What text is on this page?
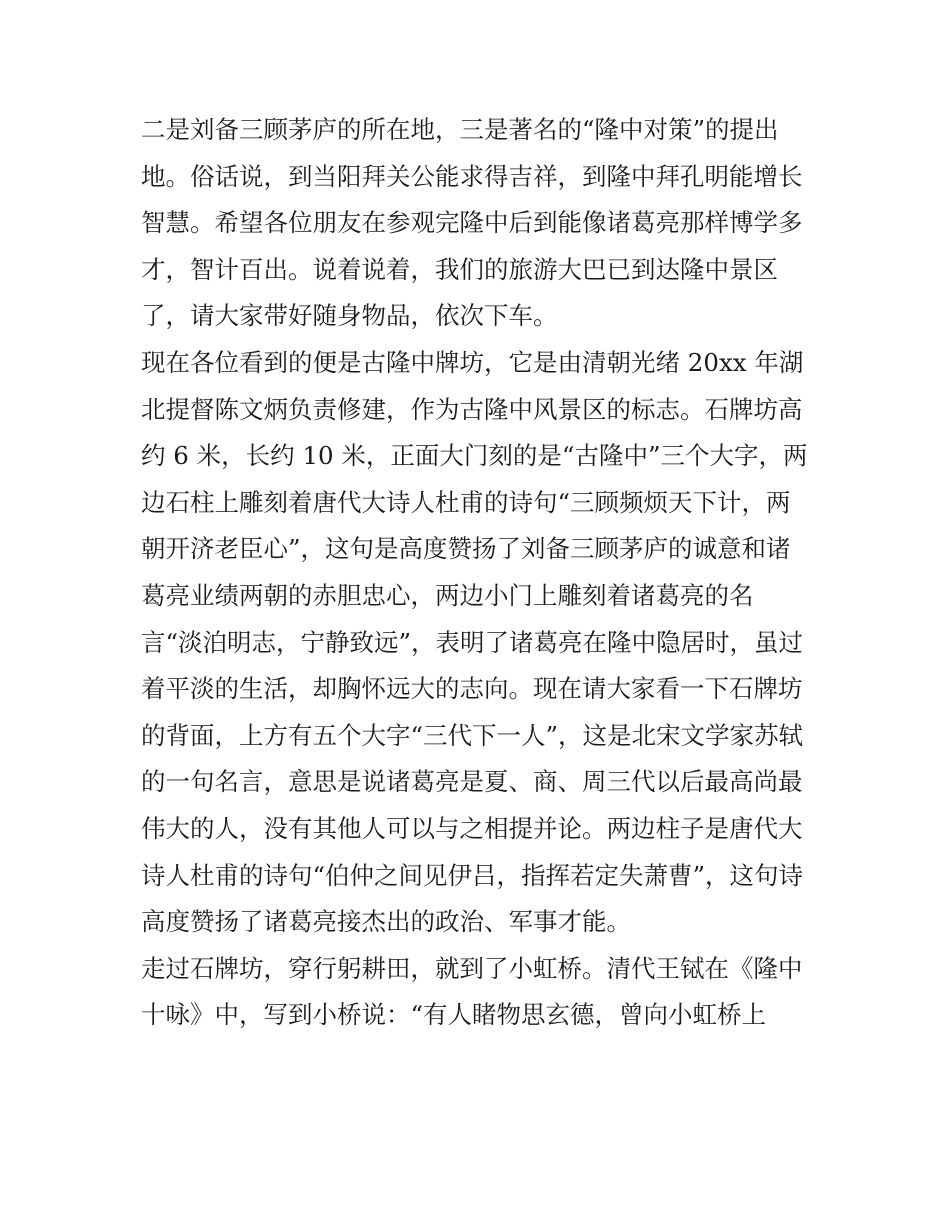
二是刘备三顾茅庐的所在地，三是著名的“隆中对策”的提出
地。俗话说，到当阳拜关公能求得吉祥，到隆中拜孔明能增长
智慧。希望各位朋友在参观完隆中后到能像诸葛亮那样博学多
才，智计百出。说着说着，我们的旅游大巴已到达隆中景区
了，请大家带好随身物品，依次下车。
现在各位看到的便是古隆中牌坊，它是由清朝光绪 20xx 年湖
北提督陈文炳负责修建，作为古隆中风景区的标志。石牌坊高
约 6 米，长约 10 米，正面大门刻的是“古隆中”三个大字，两
边石柱上雕刻着唐代大诗人杜甫的诗句“三顾频烦天下计，两
朝开济老臣心”，这句是高度赞扬了刘备三顾茅庐的诚意和诸
葛亮业绩两朝的赤胆忠心，两边小门上雕刻着诸葛亮的名
言“淡泊明志，宁静致远”，表明了诸葛亮在隆中隐居时，虽过
着平淡的生活，却胸怀远大的志向。现在请大家看一下石牌坊
的背面，上方有五个大字“三代下一人”，这是北宋文学家苏轼
的一句名言，意思是说诸葛亮是夏、商、周三代以后最高尚最
伟大的人，没有其他人可以与之相提并论。两边柱子是唐代大
诗人杜甫的诗句“伯仲之间见伊吕，指挥若定失萧曹”，这句诗
高度赞扬了诸葛亮接杰出的政治、军事才能。
走过石牌坊，穿行躬耕田，就到了小虹桥。清代王铽在《隆中
十咏》中，写到小桥说：“有人睹物思玄德，曾向小虹桥上
